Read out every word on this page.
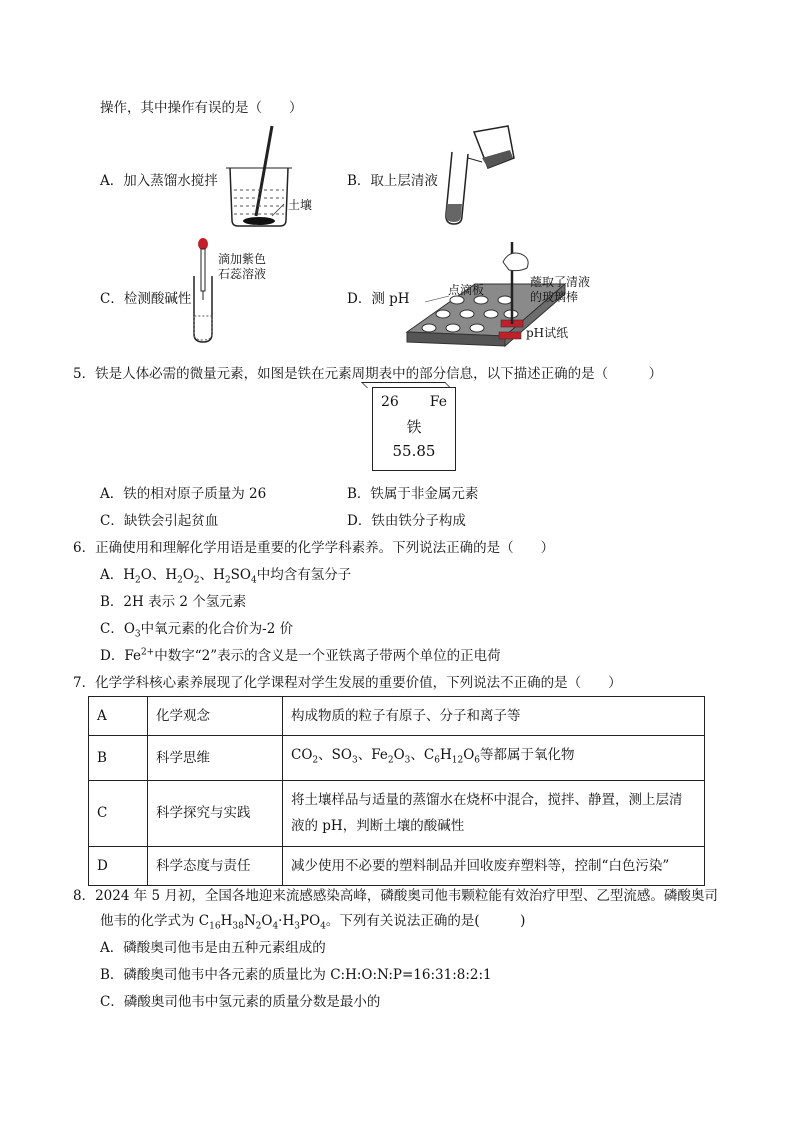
操作，其中操作有误的是（　　）
A．加入蒸馏水搅拌
土壤
B．取上层清液
C．检测酸碱性
滴加紫色
石蕊溶液
D．测 pH
点滴板
蘸取了清液
的玻璃棒
pH试纸
5．铁是人体必需的微量元素，如图是铁在元素周期表中的部分信息，以下描述正确的是（　　　）
26 Fe
铁
55.85
A．铁的相对原子质量为 26	B．铁属于非金属元素
C．缺铁会引起贫血	D．铁由铁分子构成
6．正确使用和理解化学用语是重要的化学学科素养。下列说法正确的是（　　）
A．$H_2O$、$H_2O_2$、$H_2SO_4$中均含有氢分子
B．2H 表示 2 个氢元素
C．$O_3$中氧元素的化合价为-2 价
D．$Fe^{2+}$中数字“2”表示的含义是一个亚铁离子带两个单位的正电荷
7．化学学科核心素养展现了化学课程对学生发展的重要价值，下列说法不正确的是（　　）
A	化学观念	构成物质的粒子有原子、分子和离子等
B	科学思维	$CO_2$、$SO_3$、$Fe_2O_3$、$C_6H_{12}O_6$等都属于氧化物
C	科学探究与实践	将土壤样品与适量的蒸馏水在烧杯中混合，搅拌、静置，测上层清
液的 pH，判断土壤的酸碱性

D	科学态度与责任	减少使用不必要的塑料制品并回收废弃塑料等，控制“白色污染”
8．2024 年 5 月初，全国各地迎来流感感染高峰，磷酸奥司他韦颗粒能有效治疗甲型、乙型流感。磷酸奥司
他韦的化学式为 $C_{16}H_{38}N_2O_4\cdot H_3PO_4$。下列有关说法正确的是(　　　)
A．磷酸奥司他韦是由五种元素组成的
B．磷酸奥司他韦中各元素的质量比为 C:H:O:N:P=16:31:8:2:1
C．磷酸奥司他韦中氢元素的质量分数是最小的
